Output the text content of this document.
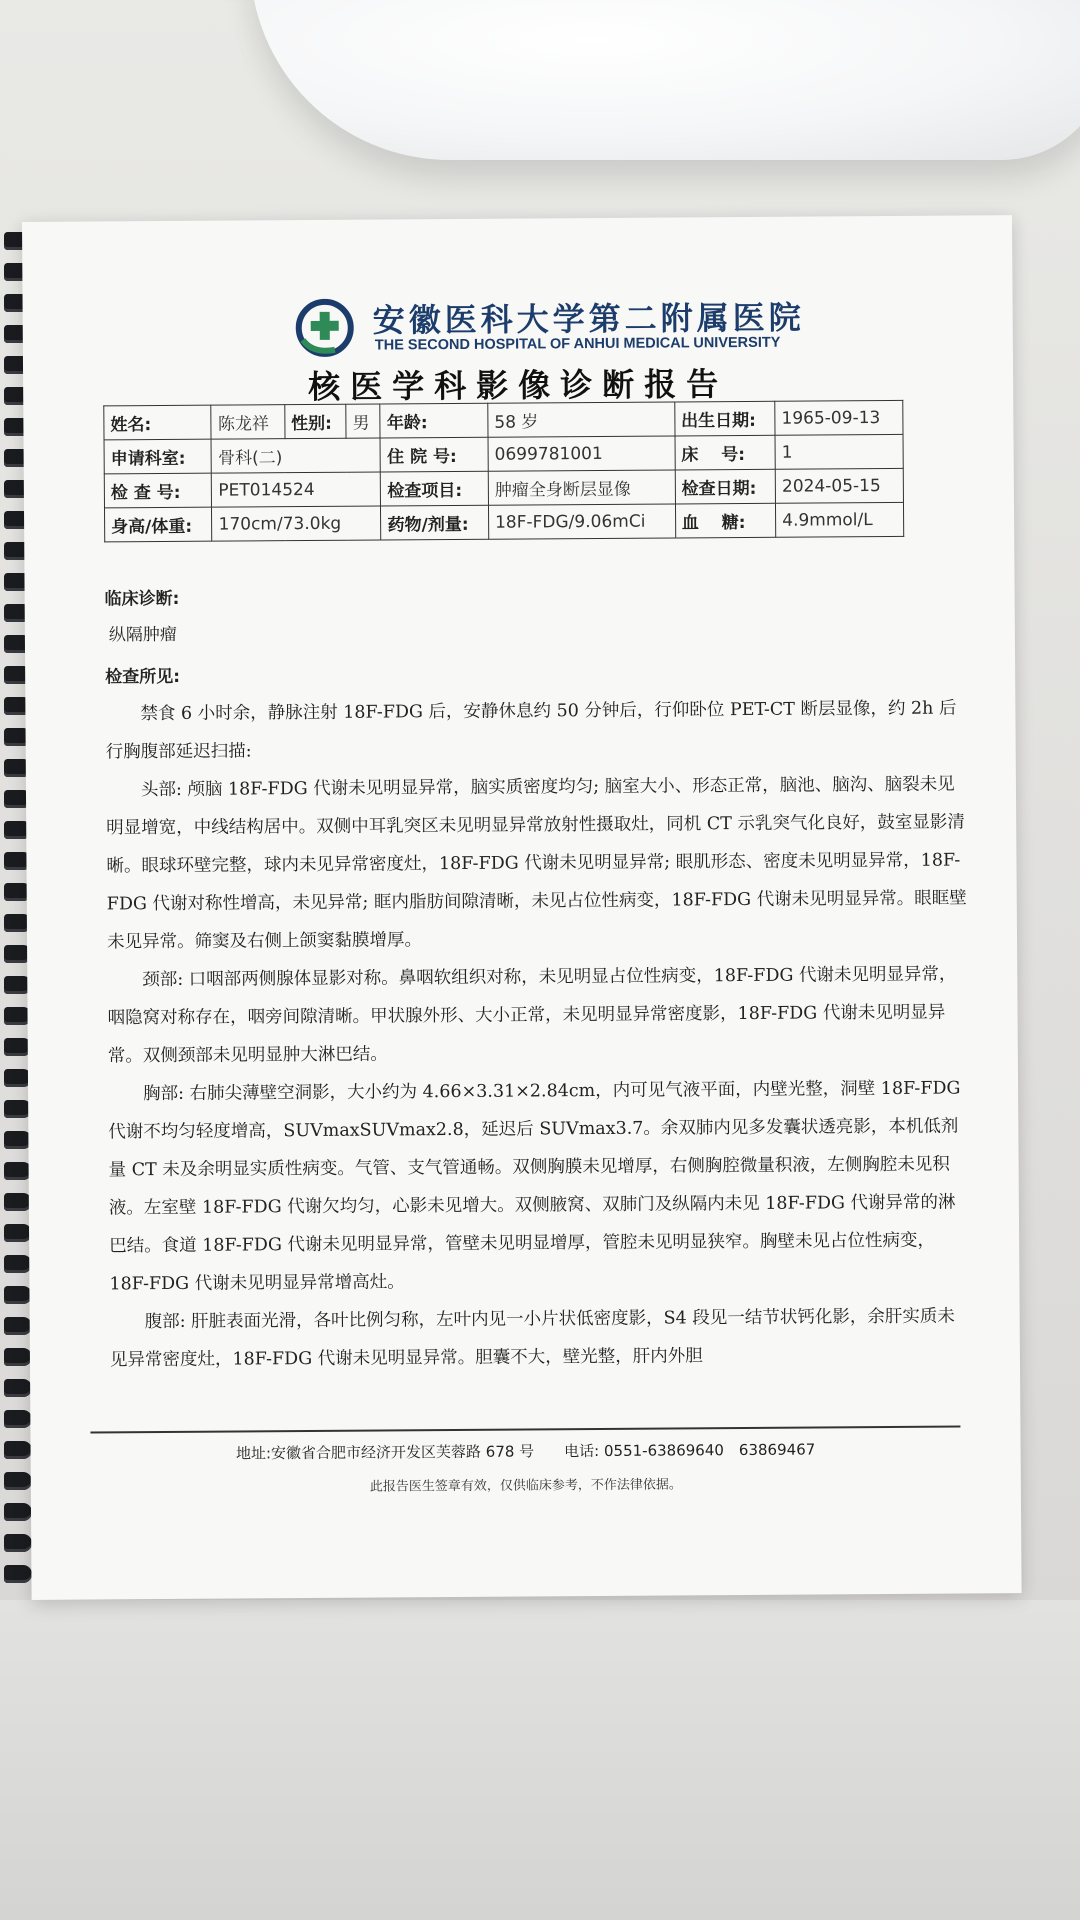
安徽医科大学第二附属医院
THE SECOND HOSPITAL OF ANHUI MEDICAL UNIVERSITY
核医学科影像诊断报告
姓名:	陈龙祥	性别:	男	年龄:	58 岁	出生日期:	1965-09-13
申请科室:	骨科(二)			住 院 号:	0699781001	床　 号:	1
检 查 号:	PET014524			检查项目:	肿瘤全身断层显像	检查日期:	2024-05-15
身高/体重:	170cm/73.0kg			药物/剂量:	18F-FDG/9.06mCi	血　 糖:	4.9mmol/L
临床诊断:
纵隔肿瘤
检查所见:

禁食 6 小时余，静脉注射 18F-FDG 后，安静休息约 50 分钟后，行仰卧位 PET-CT 断层显像，约 2h 后行胸腹部延迟扫描:

头部: 颅脑 18F-FDG 代谢未见明显异常，脑实质密度均匀; 脑室大小、形态正常，脑池、脑沟、脑裂未见明显增宽，中线结构居中。双侧中耳乳突区未见明显异常放射性摄取灶，同机 CT 示乳突气化良好，鼓室显影清晰。眼球环壁完整，球内未见异常密度灶，18F-FDG 代谢未见明显异常; 眼肌形态、密度未见明显异常，18F-FDG 代谢对称性增高，未见异常; 眶内脂肪间隙清晰，未见占位性病变，18F-FDG 代谢未见明显异常。眼眶壁未见异常。筛窦及右侧上颌窦黏膜增厚。

颈部: 口咽部两侧腺体显影对称。鼻咽软组织对称，未见明显占位性病变，18F-FDG 代谢未见明显异常，咽隐窝对称存在，咽旁间隙清晰。甲状腺外形、大小正常，未见明显异常密度影，18F-FDG 代谢未见明显异常。双侧颈部未见明显肿大淋巴结。

胸部: 右肺尖薄壁空洞影，大小约为 4.66×3.31×2.84cm，内可见气液平面，内壁光整，洞壁 18F-FDG 代谢不均匀轻度增高，SUVmaxSUVmax2.8，延迟后 SUVmax3.7。余双肺内见多发囊状透亮影，本机低剂量 CT 未及余明显实质性病变。气管、支气管通畅。双侧胸膜未见增厚，右侧胸腔微量积液，左侧胸腔未见积液。左室壁 18F-FDG 代谢欠均匀，心影未见增大。双侧腋窝、双肺门及纵隔内未见 18F-FDG 代谢异常的淋巴结。食道 18F-FDG 代谢未见明显异常，管壁未见明显增厚，管腔未见明显狭窄。胸壁未见占位性病变，18F-FDG 代谢未见明显异常增高灶。

腹部: 肝脏表面光滑，各叶比例匀称，左叶内见一小片状低密度影，S4 段见一结节状钙化影，余肝实质未见异常密度灶，18F-FDG 代谢未见明显异常。胆囊不大，壁光整，肝内外胆

地址:安徽省合肥市经济开发区芙蓉路 678 号　　电话: 0551-63869640　63869467
此报告医生签章有效，仅供临床参考，不作法律依据。
